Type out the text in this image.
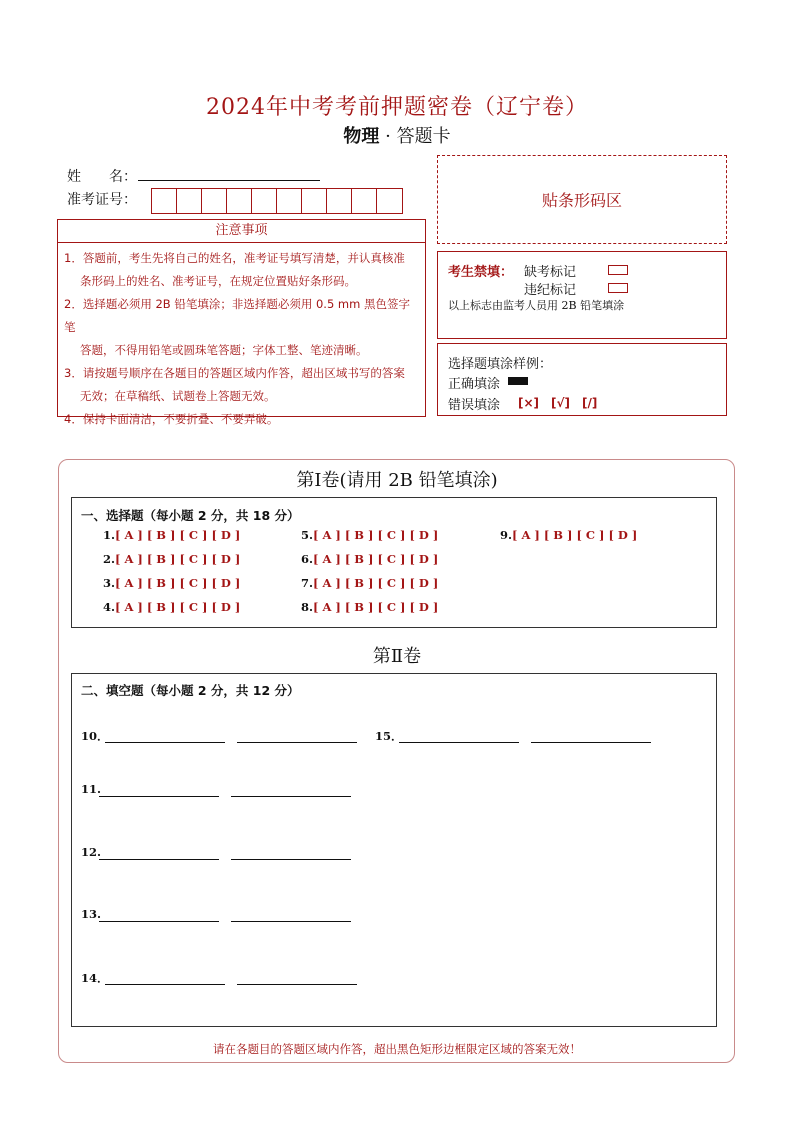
2024年中考考前押题密卷（辽宁卷）
物理 · 答题卡
姓　　名：
准考证号：	贴条形码区
注意事项

1．答题前，考生先将自己的姓名，准考证号填写清楚，并认真核准

条形码上的姓名、准考证号，在规定位置贴好条形码。

2．选择题必须用 2B 铅笔填涂；非选择题必须用 0.5 mm 黑色签字笔

答题，不得用铅笔或圆珠笔答题；字体工整、笔迹清晰。

3．请按题号顺序在各题目的答题区域内作答，超出区域书写的答案

无效；在草稿纸、试题卷上答题无效。

4．保持卡面清洁，不要折叠、不要弄破。

考生禁填： 缺考标记
违纪标记
以上标志由监考人员用 2B 铅笔填涂
选择题填涂样例：
正确填涂
错误填涂 [×]　[√]　[/]
第Ⅰ卷(请用 2B 铅笔填涂)
一、选择题（每小题 2 分，共 18 分）
1.[ A ] [ B ] [ C ] [ D ]
2.[ A ] [ B ] [ C ] [ D ]
3.[ A ] [ B ] [ C ] [ D ]
4.[ A ] [ B ] [ C ] [ D ]
5.[ A ] [ B ] [ C ] [ D ]
6.[ A ] [ B ] [ C ] [ D ]
7.[ A ] [ B ] [ C ] [ D ]
8.[ A ] [ B ] [ C ] [ D ]
9.[ A ] [ B ] [ C ] [ D ]
第Ⅱ卷
二、填空题（每小题 2 分，共 12 分）
10．	15．
11.
12.
13.
14．
请在各题目的答题区域内作答，超出黑色矩形边框限定区域的答案无效！
